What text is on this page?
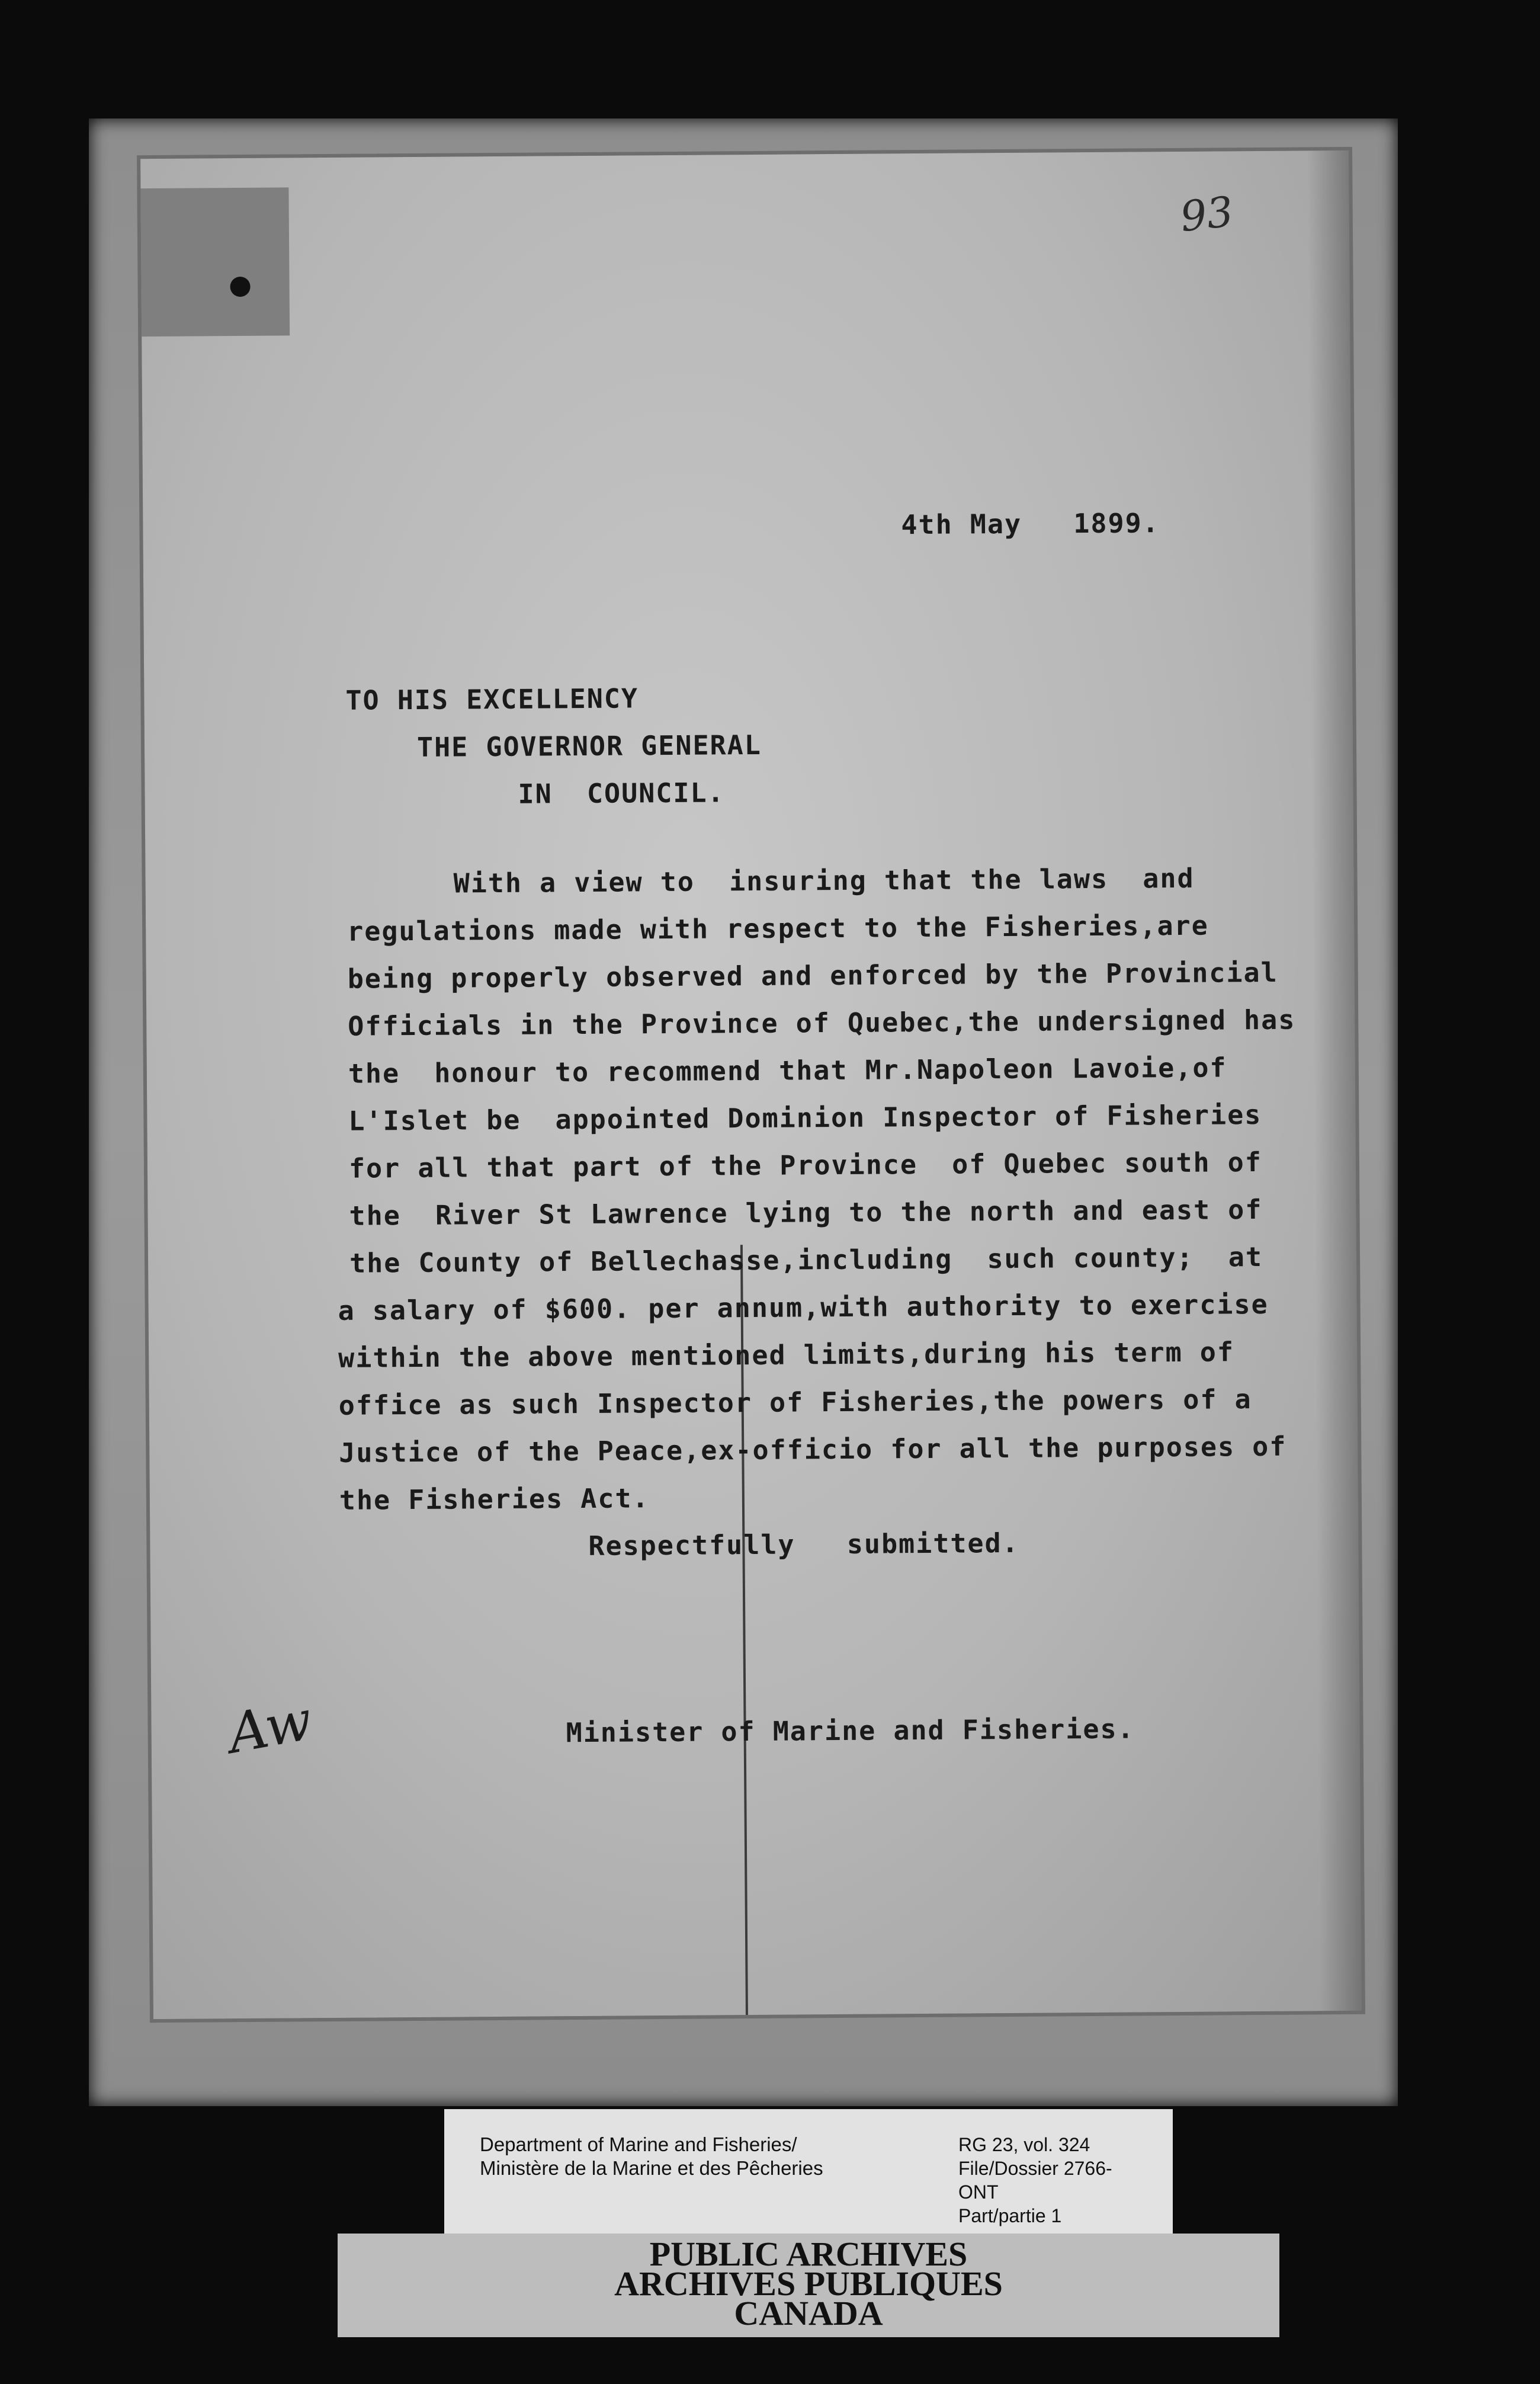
93
4th May   1899.
TO HIS EXCELLENCY
THE GOVERNOR GENERAL
IN  COUNCIL.
With a view to  insuring that the laws  and
regulations made with respect to the Fisheries,are
being properly observed and enforced by the Provincial
Officials in the Province of Quebec,the undersigned has
the  honour to recommend that Mr.Napoleon Lavoie,of
L'Islet be  appointed Dominion Inspector of Fisheries
for all that part of the Province  of Quebec south of
the  River St Lawrence lying to the north and east of
the County of Bellechasse,including  such county;  at
a salary of $600. per annum,with authority to exercise
within the above mentioned limits,during his term of
office as such Inspector of Fisheries,the powers of a
Justice of the Peace,ex-officio for all the purposes of
the Fisheries Act.
Respectfully   submitted.
Minister of Marine and Fisheries.
Aw
Department of Marine and Fisheries/
Ministère de la Marine et des Pêcheries
RG 23, vol. 324
File/Dossier 2766-
ONT
Part/partie 1
PUBLIC ARCHIVES
ARCHIVES PUBLIQUES
CANADA
